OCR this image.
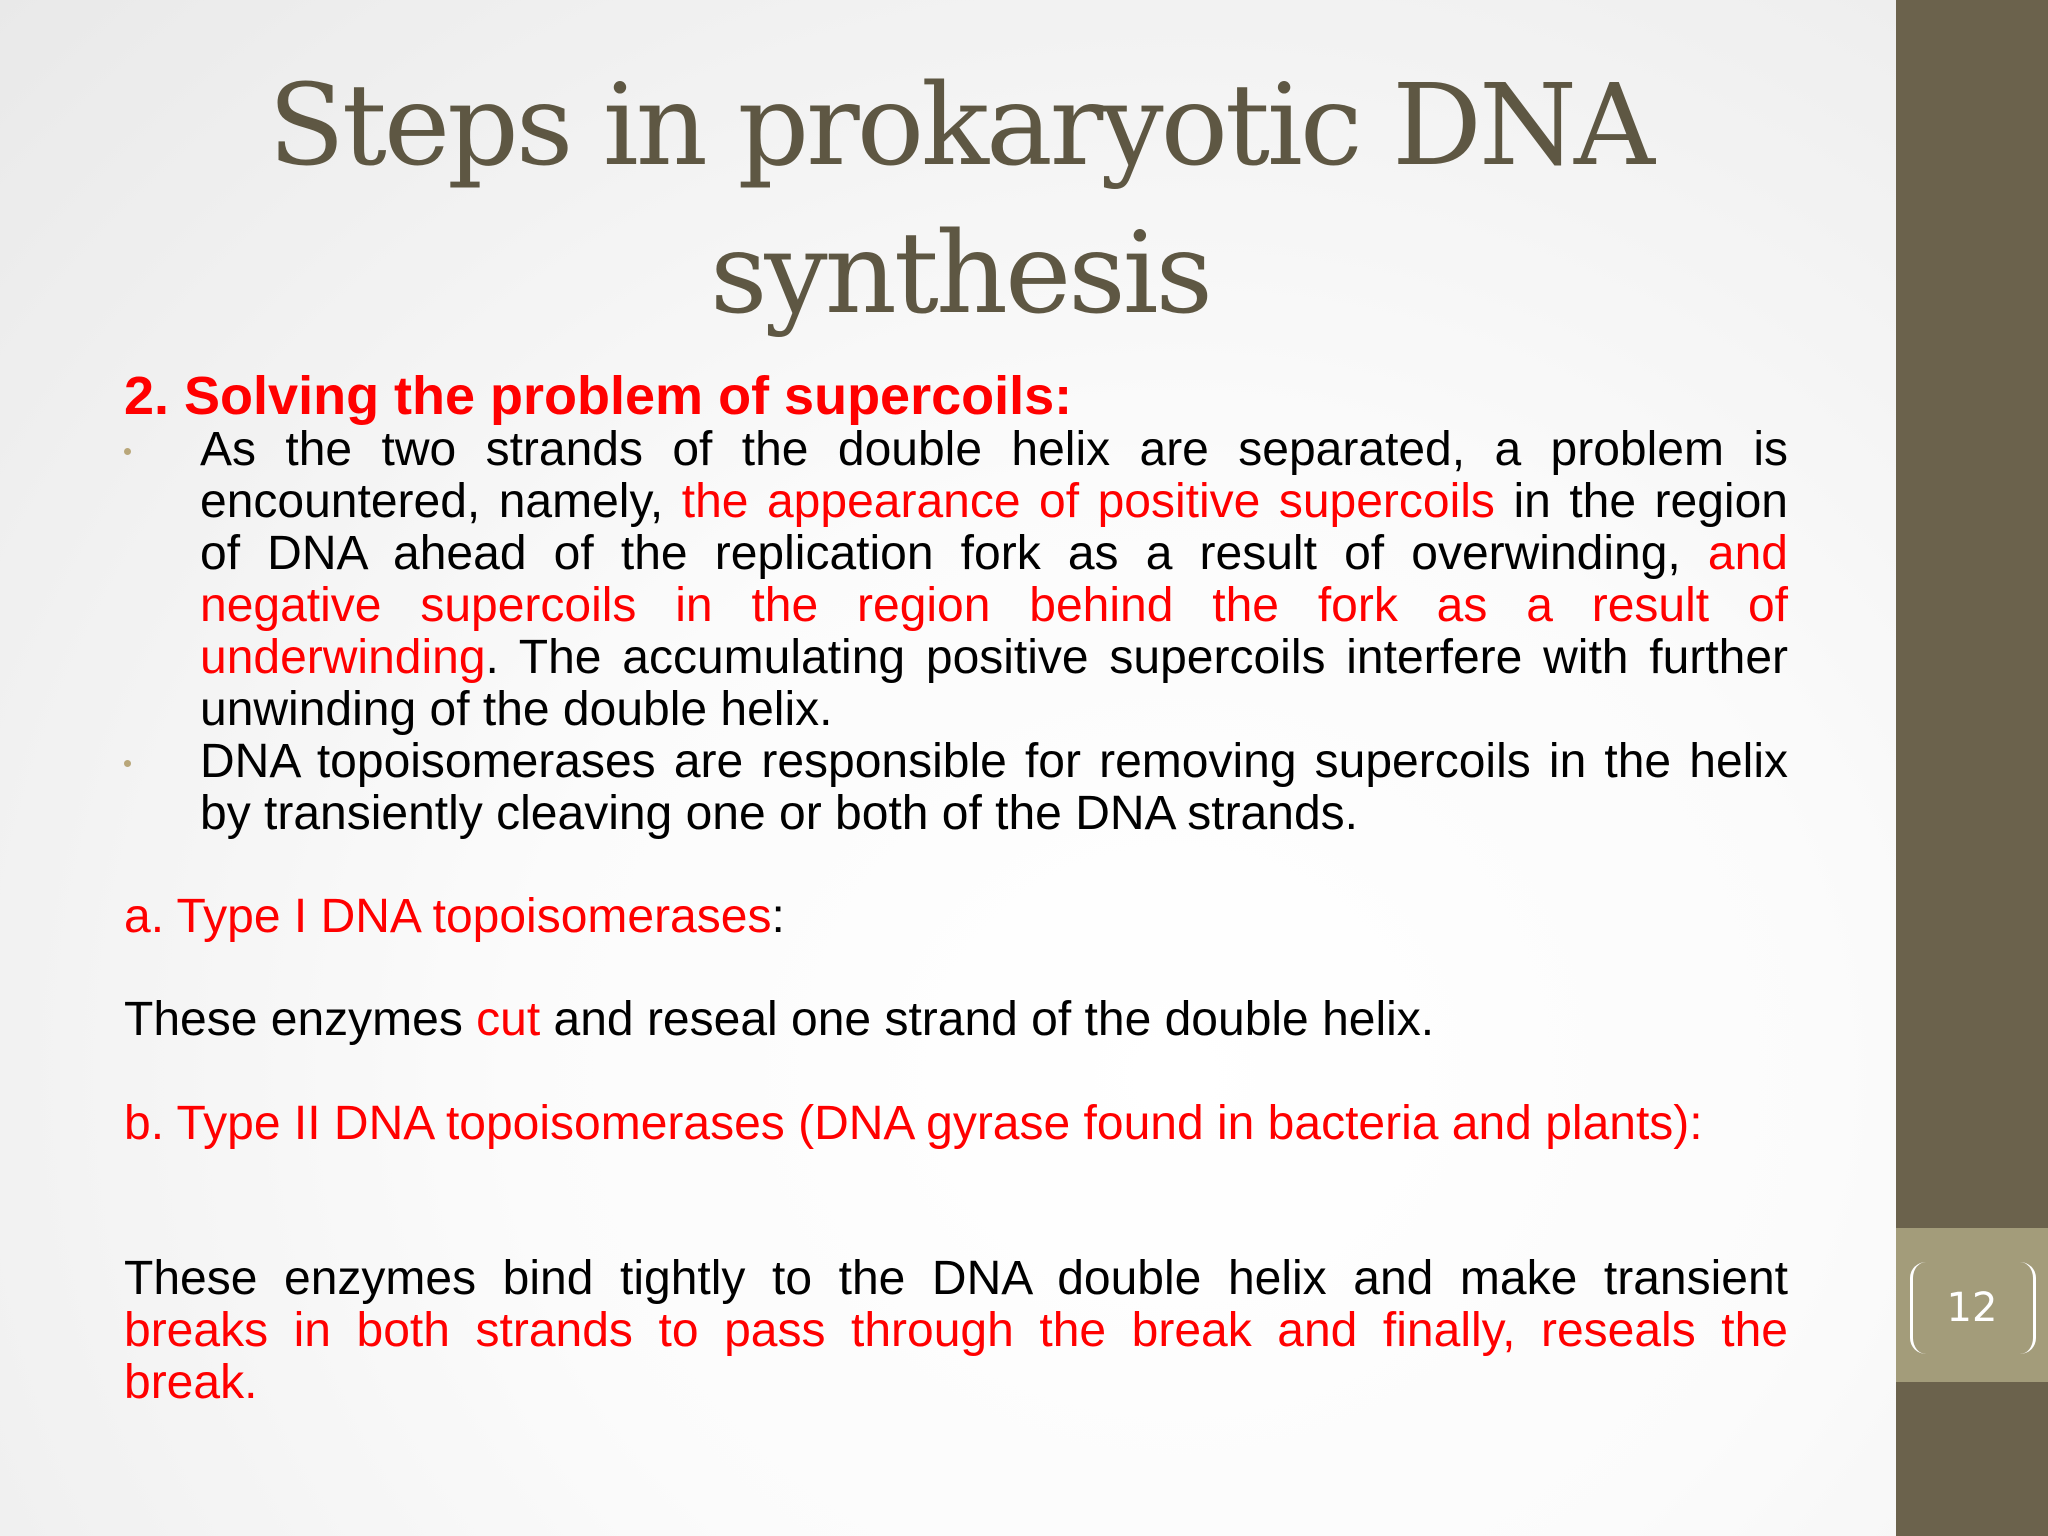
Steps in prokaryotic DNA
synthesis
2. Solving the problem of supercoils:
As the two strands of the double helix are separated, a problem is encountered, namely, the appearance of positive supercoils in the region of DNA ahead of the replication fork as a result of overwinding, and negative supercoils in the region behind the fork as a result of underwinding. The accumulating positive supercoils interfere with further unwinding of the double helix.
DNA topoisomerases are responsible for removing supercoils in the helix by transiently cleaving one or both of the DNA strands.
a. Type I DNA topoisomerases:
These enzymes cut and reseal one strand of the double helix.
b. Type II DNA topoisomerases (DNA gyrase found in bacteria and plants):
These enzymes bind tightly to the DNA double helix and make transient breaks in both strands to pass through the break and finally, reseals the break.
12
